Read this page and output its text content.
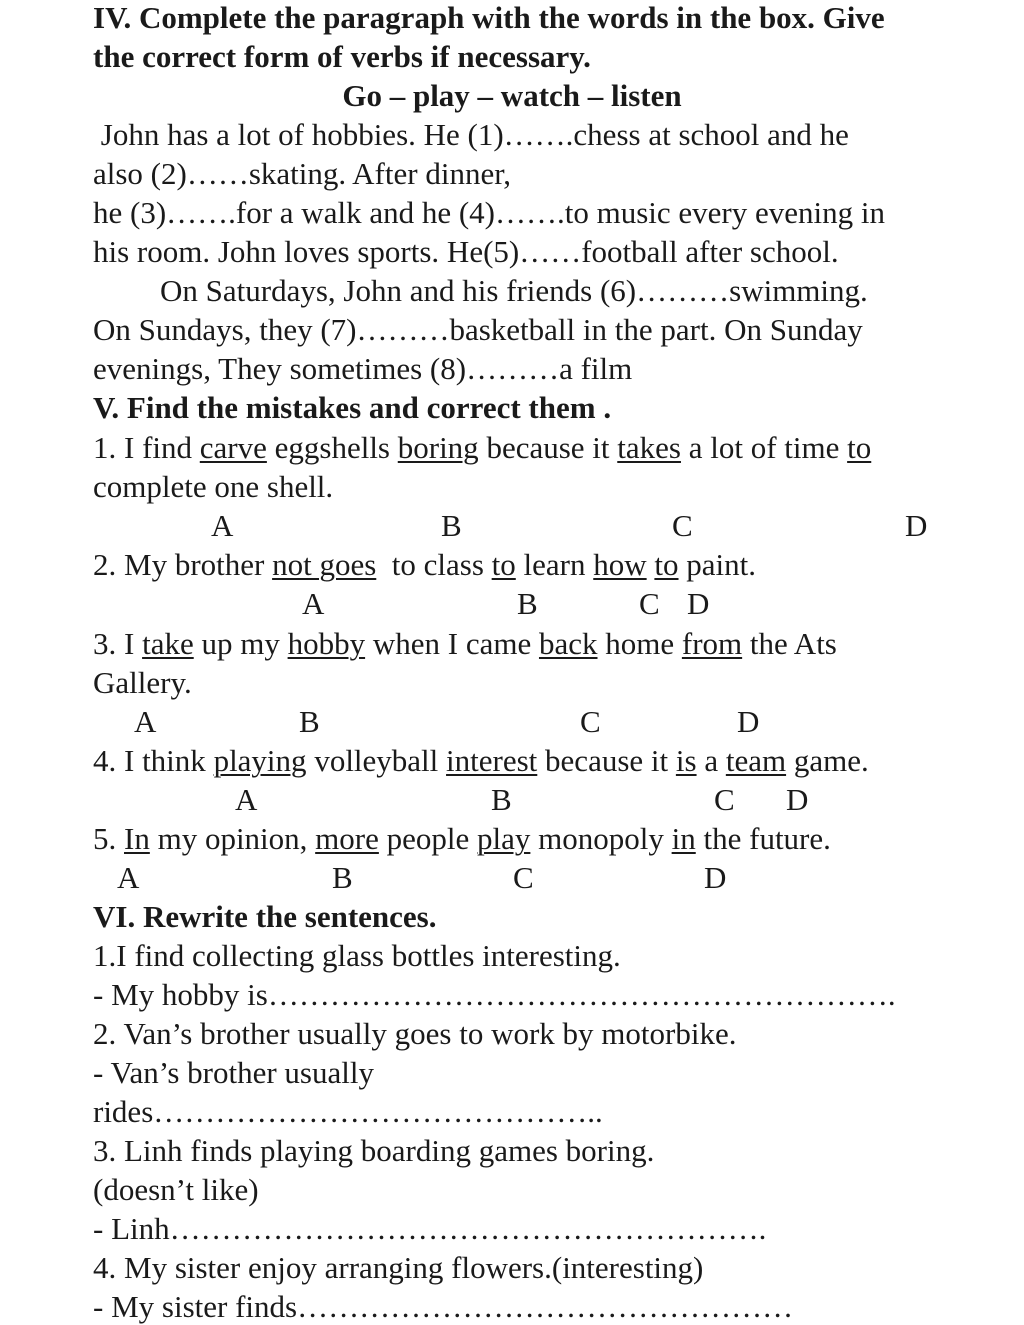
IV. Complete the paragraph with the words in the box. Give
the correct form of verbs if necessary.
Go – play – watch – listen
John has a lot of hobbies. He (1)…….chess at school and he
also (2)……skating. After dinner,
he (3)…….for a walk and he (4)…….to music every evening in
his room. John loves sports. He(5)……football after school.
On Saturdays, John and his friends (6)………swimming.
On Sundays, they (7)………basketball in the part. On Sunday
evenings, They sometimes (8)………a film
V. Find the mistakes and correct them .
1. I find carve eggshells boring because it takes a lot of time to
complete one shell.
A	B	C	D
2. My brother not goes  to class to learn how to paint.
A	B	C D
3. I take up my hobby when I came back home from the Ats
Gallery.
A	B	C	D
4. I think playing volleyball interest because it is a team game.
A	B	C D
5. In my opinion, more people play monopoly in the future.
A	B	C	D
VI. Rewrite the sentences.
1.I find collecting glass bottles interesting.
- My hobby is…………………………………………………….
2. Van’s brother usually goes to work by motorbike.
- Van’s brother usually
rides……………………………………..
3. Linh finds playing boarding games boring.
(doesn’t like)
- Linh………………………………………………….
4. My sister enjoy arranging flowers.(interesting)
- My sister finds…………………………………………
